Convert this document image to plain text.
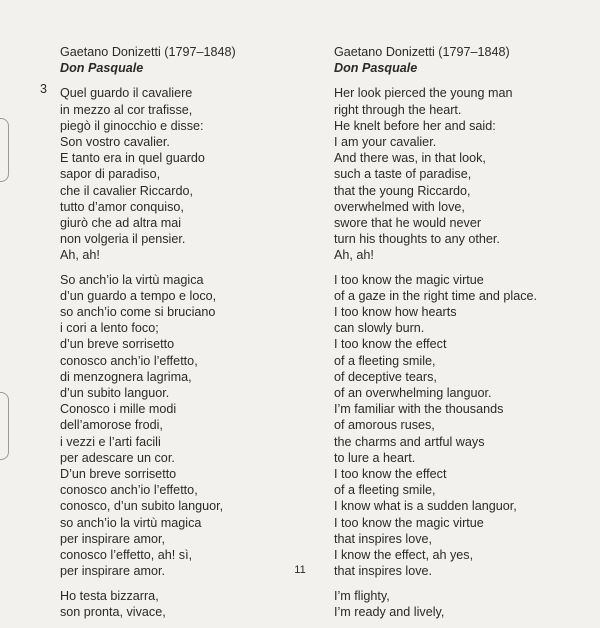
3

Gaetano Donizetti (1797–1848)

Don Pasquale

Quel guardo il cavaliere
in mezzo al cor trafisse,
piegò il ginocchio e disse:
Son vostro cavalier.
E tanto era in quel guardo
sapor di paradiso,
che il cavalier Riccardo,
tutto d’amor conquiso,
giurò che ad altra mai
non volgeria il pensier.
Ah, ah!

So anch’io la virtù magica
d’un guardo a tempo e loco,
so anch’io come si bruciano
i cori a lento foco;
d’un breve sorrisetto
conosco anch’io l’effetto,
di menzognera lagrima,
d’un subito languor.
Conosco i mille modi
dell’amorose frodi,
i vezzi e l’arti facili
per adescare un cor.
D’un breve sorrisetto
conosco anch’io l’effetto,
conosco, d’un subito languor,
so anch’io la virtù magica
per inspirare amor,
conosco l’effetto, ah! sì,
per inspirare amor.

Ho testa bizzarra,
son pronta, vivace,

Gaetano Donizetti (1797–1848)

Don Pasquale

Her look pierced the young man
right through the heart.
He knelt before her and said:
I am your cavalier.
And there was, in that look,
such a taste of paradise,
that the young Riccardo,
overwhelmed with love,
swore that he would never
turn his thoughts to any other.
Ah, ah!

I too know the magic virtue
of a gaze in the right time and place.
I too know how hearts
can slowly burn.
I too know the effect
of a fleeting smile,
of deceptive tears,
of an overwhelming languor.
I’m familiar with the thousands
of amorous ruses,
the charms and artful ways
to lure a heart.
I too know the effect
of a fleeting smile,
I know what is a sudden languor,
I too know the magic virtue
that inspires love,
I know the effect, ah yes,
that inspires love.

I’m flighty,
I’m ready and lively,

11
